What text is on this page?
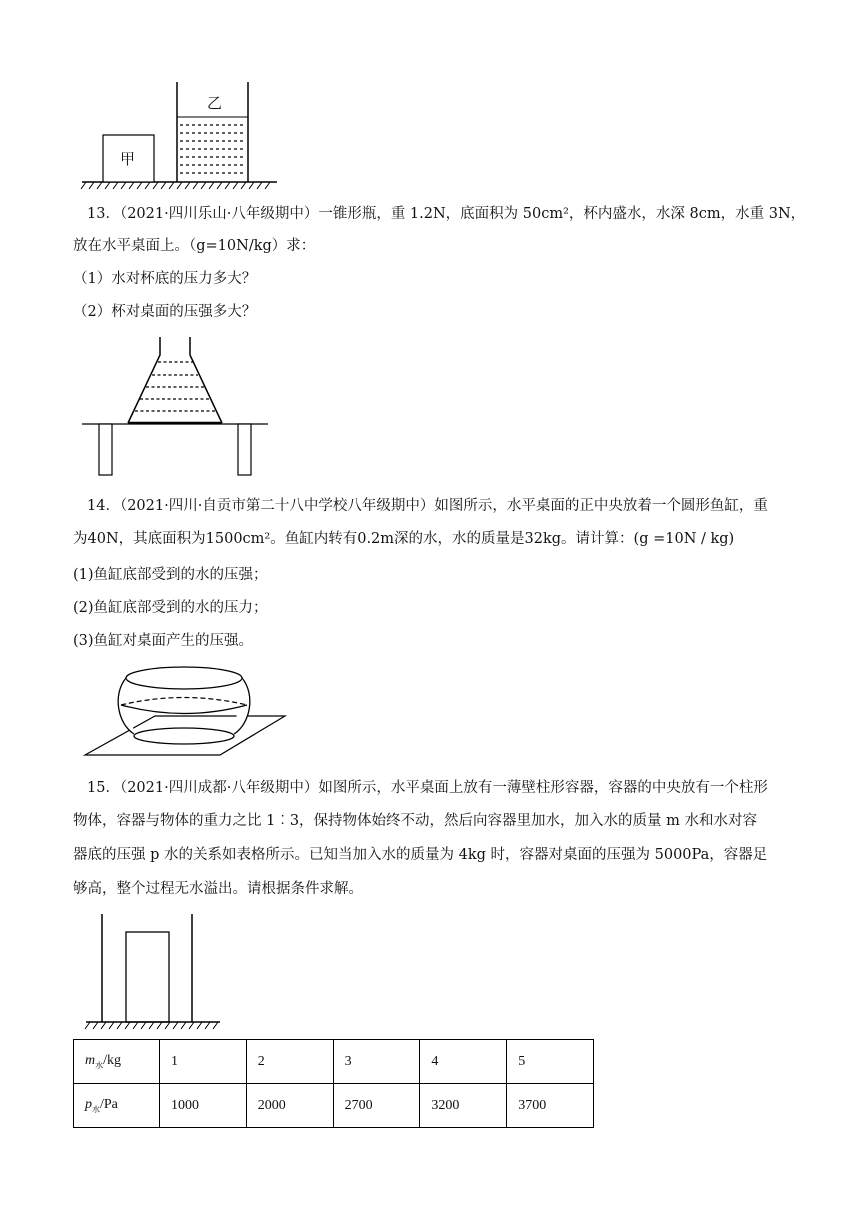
甲
乙
13．（2021·四川乐山·八年级期中）一锥形瓶，重 1.2N，底面积为 50cm²，杯内盛水，水深 8cm，水重 3N，
放在水平桌面上。（g=10N/kg）求：
（1）水对杯底的压力多大？
（2）杯对桌面的压强多大？
14．（2021·四川·自贡市第二十八中学校八年级期中）如图所示，水平桌面的正中央放着一个圆形鱼缸，重
为40N，其底面积为1500cm²。鱼缸内转有0.2m深的水，水的质量是32kg。请计算：(g =10N / kg)
(1)鱼缸底部受到的水的压强；
(2)鱼缸底部受到的水的压力；
(3)鱼缸对桌面产生的压强。
15．（2021·四川成都·八年级期中）如图所示，水平桌面上放有一薄壁柱形容器，容器的中央放有一个柱形
物体，容器与物体的重力之比 1︰3，保持物体始终不动，然后向容器里加水，加入水的质量 m 水和水对容
器底的压强 p 水的关系如表格所示。已知当加入水的质量为 4kg 时，容器对桌面的压强为 5000Pa，容器足
够高，整个过程无水溢出。请根据条件求解。
$m_水/kg$	1	2	3	4	5
$p_水/Pa$	1000	2000	2700	3200	3700
